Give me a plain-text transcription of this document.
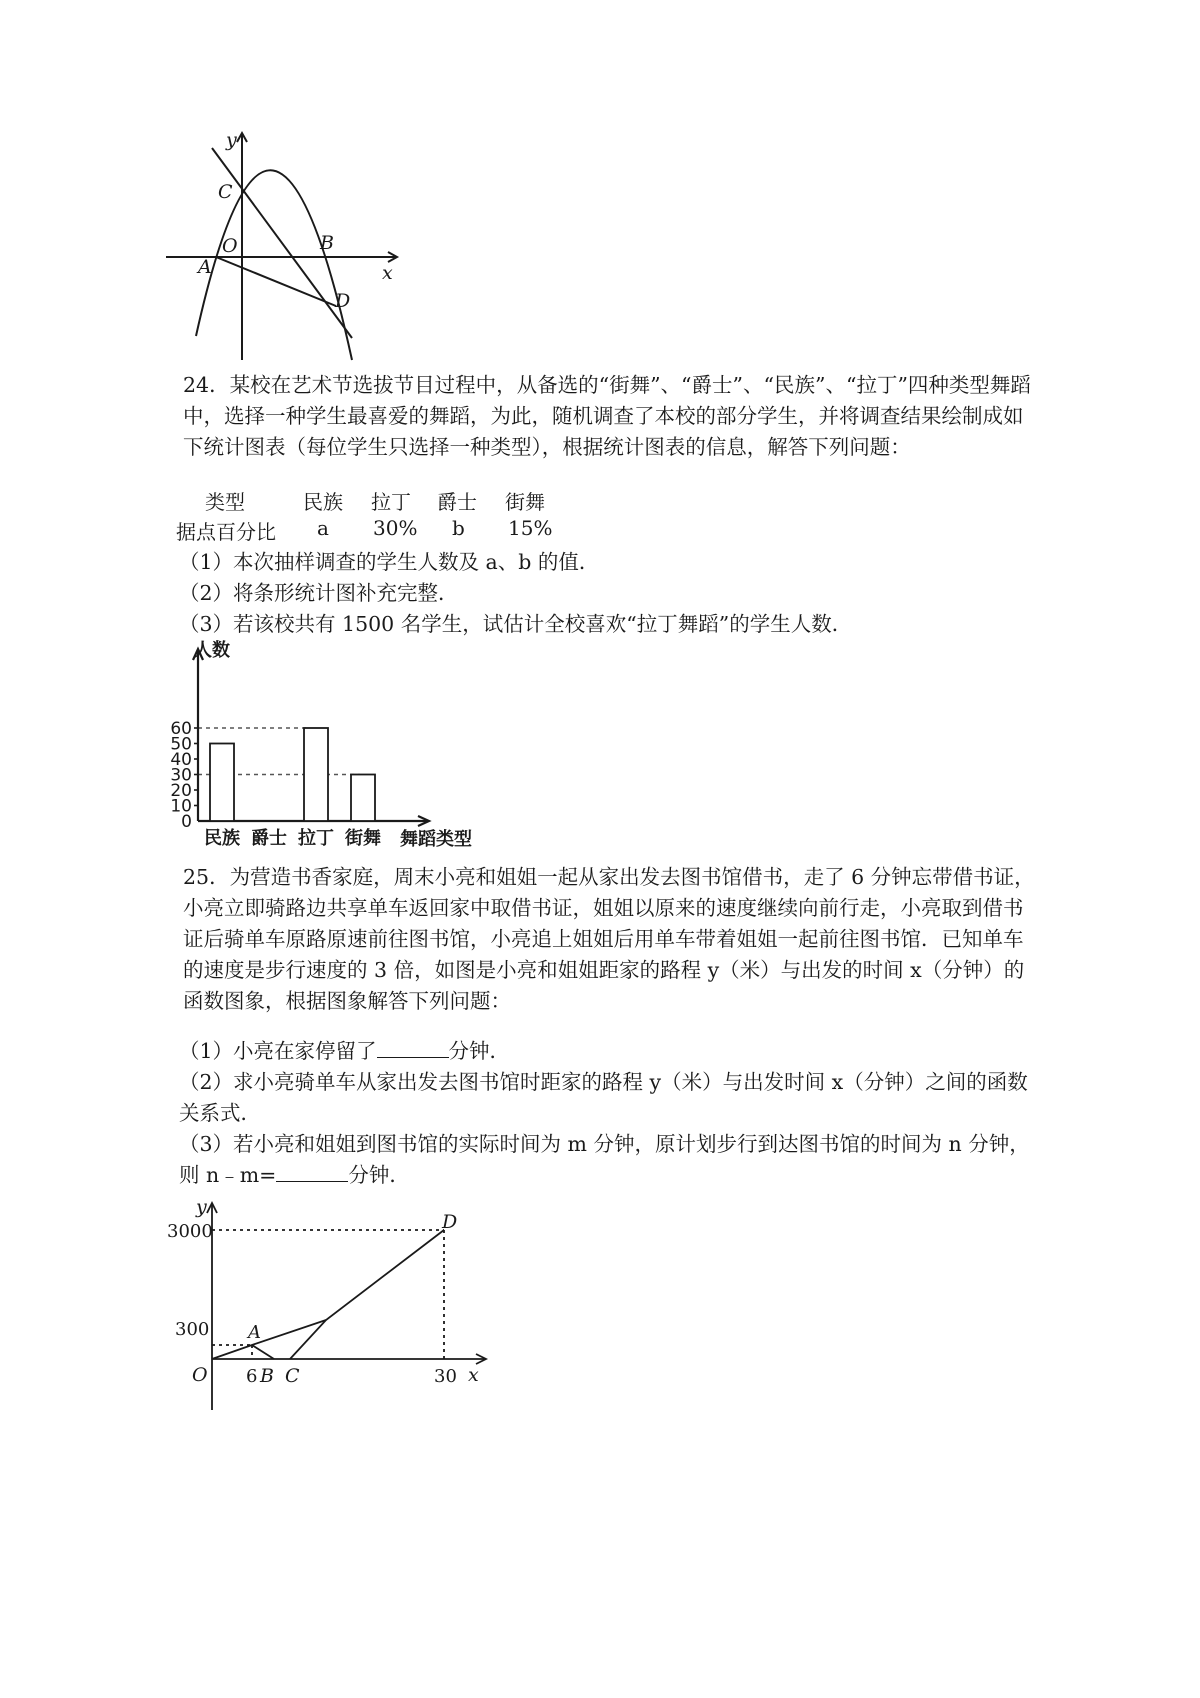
y
x
C
O
A
B
D

24．某校在艺术节选拔节目过程中，从备选的“街舞”、“爵士”、“民族”、“拉丁”四种类型舞蹈中，选择一种学生最喜爱的舞蹈，为此，随机调查了本校的部分学生，并将调查结果绘制成如下统计图表（每位学生只选择一种类型），根据统计图表的信息，解答下列问题：

类型	民族 拉丁 爵士 街舞
据点百分比 a 30% b 15%
（1）本次抽样调查的学生人数及 a、b 的值．
（2）将条形统计图补充完整．
（3）若该校共有 1500 名学生，试估计全校喜欢“拉丁舞蹈”的学生人数．
0
10
20
30
40
50
60
民族 爵士 拉丁 街舞
人数
舞蹈类型

25．为营造书香家庭，周末小亮和姐姐一起从家出发去图书馆借书，走了 6 分钟忘带借书证，小亮立即骑路边共享单车返回家中取借书证，姐姐以原来的速度继续向前行走，小亮取到借书证后骑单车原路原速前往图书馆，小亮追上姐姐后用单车带着姐姐一起前往图书馆．已知单车的速度是步行速度的 3 倍，如图是小亮和姐姐距家的路程 y（米）与出发的时间 x（分钟）的函数图象，根据图象解答下列问题：

（1）小亮在家停留了	分钟．

（2）求小亮骑单车从家出发去图书馆时距家的路程 y（米）与出发时间 x（分钟）之间的函数关系式．

（3）若小亮和姐姐到图书馆的实际时间为 m 分钟，原计划步行到达图书馆的时间为 n 分钟，
则 n﹣m=	分钟．
y
x
D
A
O	B C
3000
300
6	30
